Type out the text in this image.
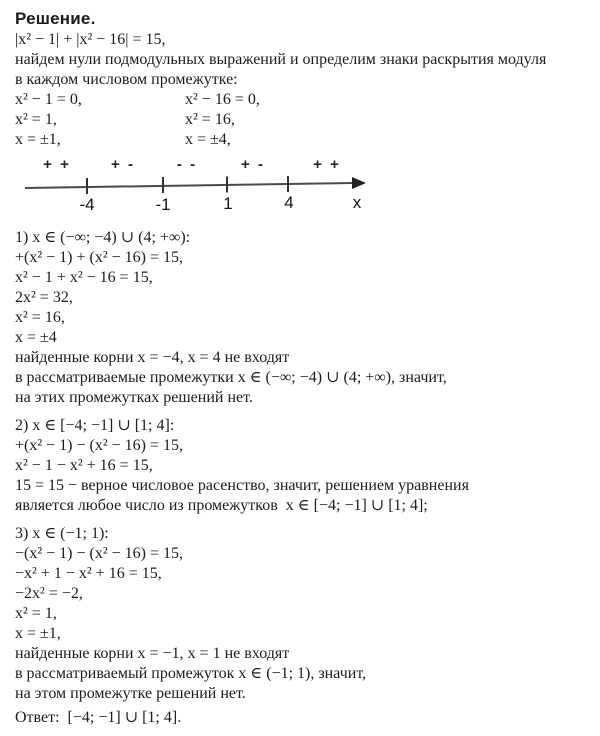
Решение.
|x² − 1| + |x² − 16| = 15,
найдем нули подмодульных выражений и определим знаки раскрытия модуля
в каждом числовом промежутке:
x² − 1 = 0,	x² − 16 = 0,
x² = 1,	x² = 16,
x = ±1,	x = ±4,
+ +	+ -	- -	+ -	+ +
-4	-1	1	4	x
1) x ∈ (−∞; −4) ∪ (4; +∞):
+(x² − 1) + (x² − 16) = 15,
x² − 1 + x² − 16 = 15,
2x² = 32,
x² = 16,
x = ±4
найденные корни x = −4, x = 4 не входят
в рассматриваемые промежутки x ∈ (−∞; −4) ∪ (4; +∞), значит,
на этих промежутках решений нет.
2) x ∈ [−4; −1] ∪ [1; 4]:
+(x² − 1) − (x² − 16) = 15,
x² − 1 − x² + 16 = 15,
15 = 15 − верное числовое расенство, значит, решением уравнения
является любое число из промежутков  x ∈ [−4; −1] ∪ [1; 4];
3) x ∈ (−1; 1):
−(x² − 1) − (x² − 16) = 15,
−x² + 1 − x² + 16 = 15,
−2x² = −2,
x² = 1,
x = ±1,
найденные корни x = −1, x = 1 не входят
в рассматриваемый промежуток x ∈ (−1; 1), значит,
на этом промежутке решений нет.
Ответ:  [−4; −1] ∪ [1; 4].
